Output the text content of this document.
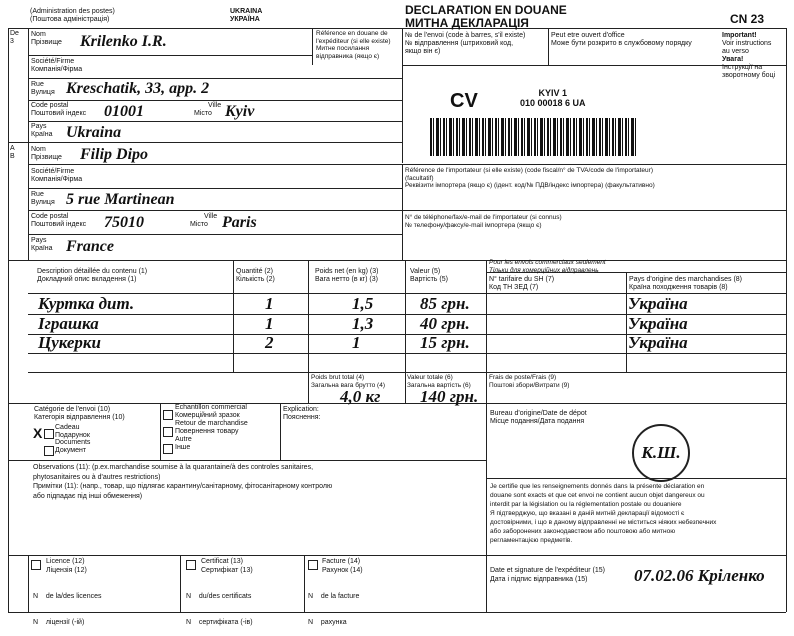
(Administration des postes)
(Поштова адміністрація)
UKRAINA
УКРАЇНА
DECLARATION EN DOUANE
МИТНА ДЕКЛАРАЦІЯ	CN 23
Important!
Voir instructions
au verso
Увага!
Інструкції на
зворотному боці
Référence en douane de
l'expéditeur (si elle existe)
Митне посилання
відправника (якщо є)
№ de l'envoi (code à barres, s'il existe)
№ відправлення (штриховий код,
якщо він є)
Peut etre ouvert d'office
Може бути розкрито в службовому порядку
De
3
Nom
Прізвище Krilenko I.R.
Société/Firme
Компанія/Фірма
Rue
Вулиця Kreschatik, 33, app. 2
Code postal
Поштовий індекс 01001	Ville
Місто Kyiv
Pays
Країна Ukraina
CV	KYIV 1
010 00018 6 UA
A
B
Nom
Прізвище Filip Dipo
Société/Firme
Компанія/Фірма
Rue
Вулиця 5 rue Martinean
Code postal
Поштовий індекс 75010	Ville
Місто Paris
Pays
Країна France
Référence de l'importateur (si elle existe) (code fiscal/n° de TVA/code de l'importateur)
(facultatif)
Реквізити імпортера (якщо є) (ідент. код/№ ПДВ/індекс імпортера) (факультативно)
N° de téléphone/fax/e-mail de l'importateur (si connus)
№ телефону/факсу/е-mail імпортера (якщо є)
Description détaillée du contenu (1)
Докладний опис вкладення (1)
Quantité (2)
Кількість (2)
Poids net (en kg) (3)
Вага нетто (в кг) (3)
Valeur (5)
Вартість (5)
Pour les envois commerciaux seulement
Тільки для комерційних відправлень
N° tarifaire du SH (7)
Код ТН ЗЕД (7)
Pays d'origine des marchandises (8)
Країна походження товарів (8)
Куртка дит.	1	1,5	85 грн.	Україна
Іграшка	1	1,3	40 грн.	Україна
Цукерки	2	1	15 грн.	Україна
Poids brut total (4)
Загальна вага брутто (4)
4,0 кг
Valeur totale (6)
Загальна вартість (6)
140 грн.
Frais de poste/Frais (9)
Поштові збори/Витрати (9)
Catégorie de l'envoi (10)
Категорія відправлення (10)
X Cadeau
Подарунок
Documents
Документ
Echantillon commercial
Комерційний зразок
Retour de marchandise
Повернення товару
Autre
Інше
Explication:
Пояснення:
Bureau d'origine/Date de dépot
Місце подання/Дата подання
К.Ш.
Observations (11): (p.ex.marchandise soumise à la quarantaine/à des controles sanitaires,
phytosanitaires ou à d'autres restrictions)
Примітки (11): (напр., товар, що підлягає карантину/санітарному, фітосанітарному контролю
або підпадає під інші обмеження)
Je certifie que les renseignements donnés dans la présente déclaration en
douane sont exacts et que cet envoi ne contient aucun objet dangereux ou
interdit par la législation ou la réglementation postale ou douaniere
Я підтверджую, що вказані в даній митній декларації відомості є
достовірними, і що в даному відправленні не міститься ніяких небезпечних
або заборонених законодавством або поштовою або митною
регламентацією предметів.
Licence (12)
Ліцензія (12)

N    de la/des licences

N    ліцензії (-ій)

Certificat (13)
Сертифікат (13)

N    du/des certificats

N    сертифіката (-ів)

Facture (14)
Рахунок (14)

N    de la facture

N    рахунка

Date et signature de l'expéditeur (15)
Дата і підпис відправника (15)	07.02.06 Кріленко
